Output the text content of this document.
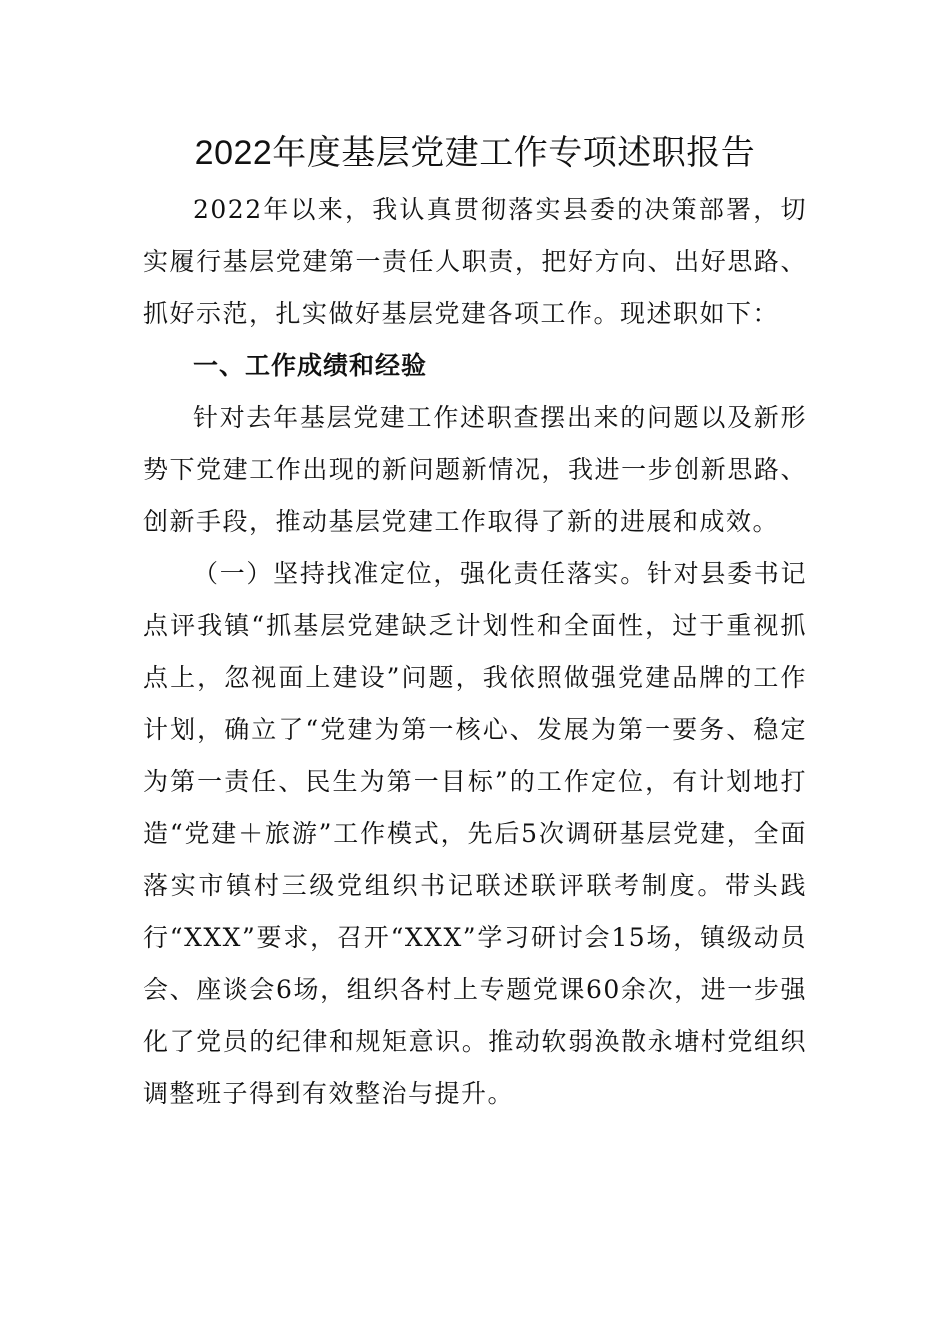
2022年度基层党建工作专项述职报告

2022年以来，我认真贯彻落实县委的决策部署，切实履行基层党建第一责任人职责，把好方向、出好思路、抓好示范，扎实做好基层党建各项工作。现述职如下：

一、工作成绩和经验

针对去年基层党建工作述职查摆出来的问题以及新形势下党建工作出现的新问题新情况，我进一步创新思路、创新手段，推动基层党建工作取得了新的进展和成效。

（一）坚持找准定位，强化责任落实。针对县委书记点评我镇“抓基层党建缺乏计划性和全面性，过于重视抓点上，忽视面上建设”问题，我依照做强党建品牌的工作计划，确立了“党建为第一核心、发展为第一要务、稳定为第一责任、民生为第一目标”的工作定位，有计划地打造“党建＋旅游”工作模式，先后5次调研基层党建，全面落实市镇村三级党组织书记联述联评联考制度。带头践行“XXX”要求，召开“XXX”学习研讨会15场，镇级动员会、座谈会6场，组织各村上专题党课60余次，进一步强化了党员的纪律和规矩意识。推动软弱涣散永塘村党组织调整班子得到有效整治与提升。
